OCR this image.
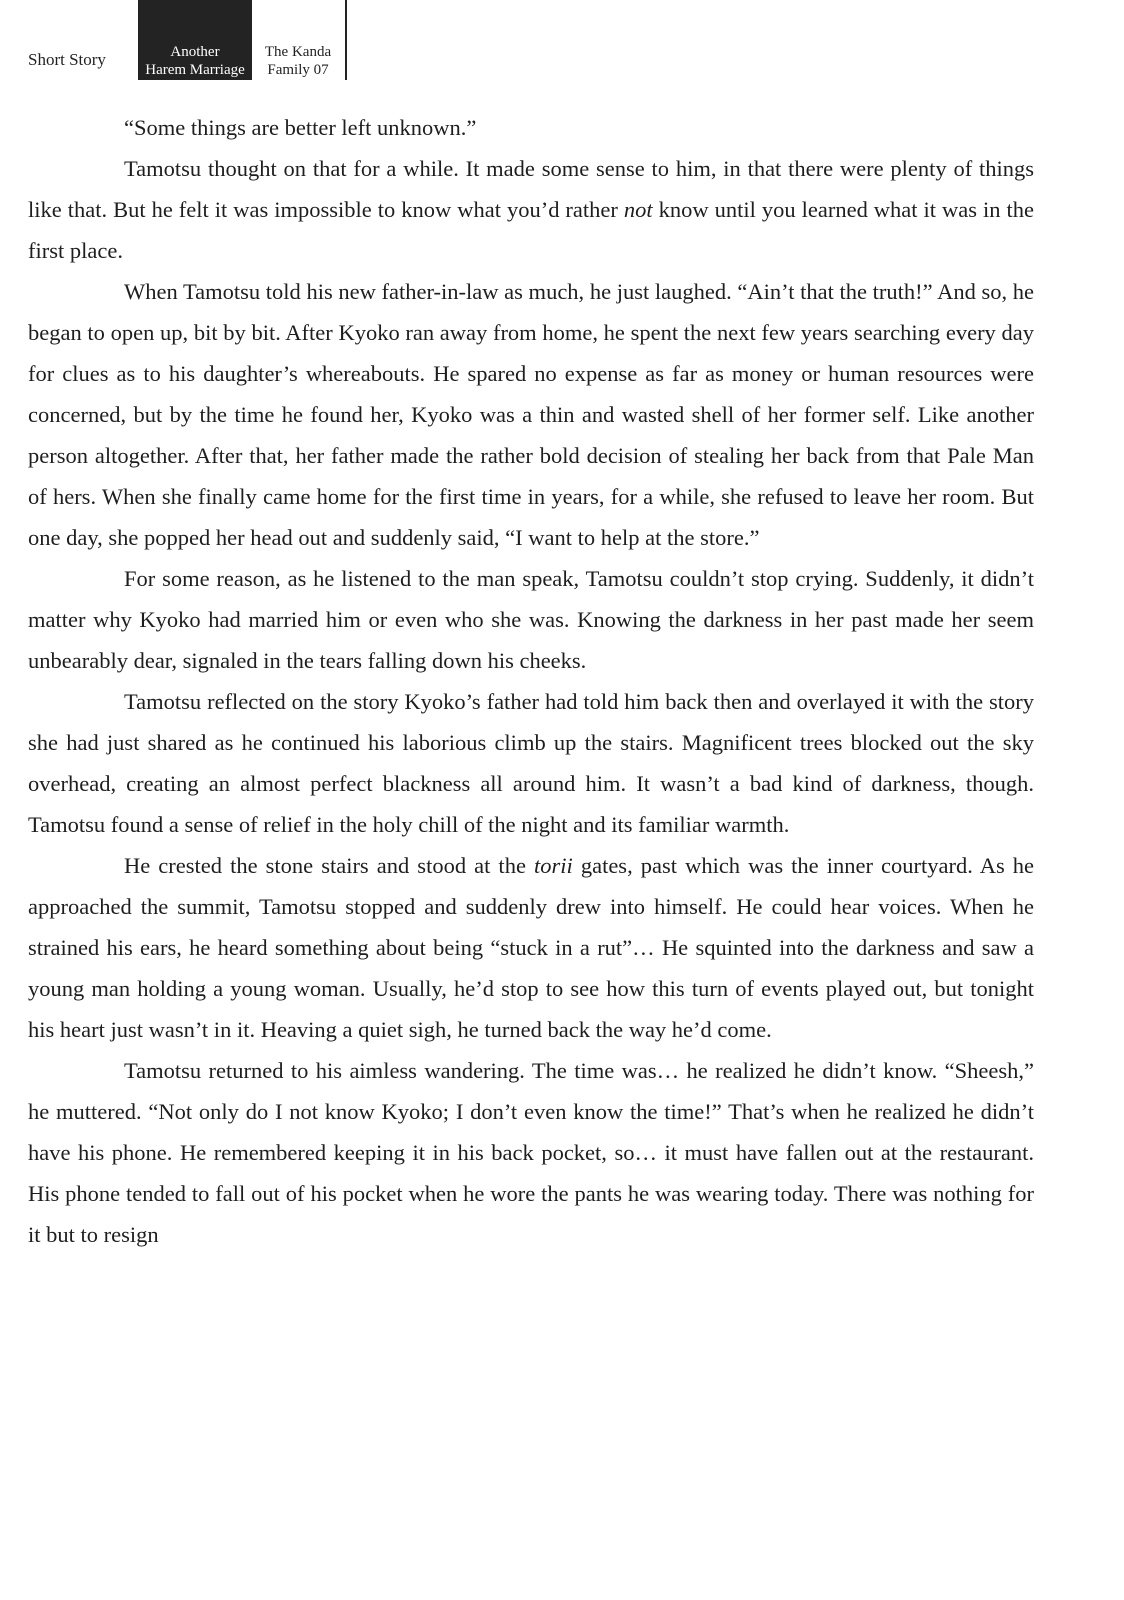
Short Story	Another
Harem Marriage
The Kanda
Family 07

“Some things are better left unknown.”

Tamotsu thought on that for a while. It made some sense to him, in that there were plenty of things like that. But he felt it was impossible to know what you’d rather not know until you learned what it was in the first place.

When Tamotsu told his new father-in-law as much, he just laughed. “Ain’t that the truth!” And so, he began to open up, bit by bit. After Kyoko ran away from home, he spent the next few years searching every day for clues as to his daughter’s whereabouts. He spared no expense as far as money or human resources were concerned, but by the time he found her, Kyoko was a thin and wasted shell of her former self. Like another person altogether. After that, her father made the rather bold decision of stealing her back from that Pale Man of hers. When she finally came home for the first time in years, for a while, she refused to leave her room. But one day, she popped her head out and suddenly said, “I want to help at the store.”

For some reason, as he listened to the man speak, Tamotsu couldn’t stop crying. Suddenly, it didn’t matter why Kyoko had married him or even who she was. Knowing the darkness in her past made her seem unbearably dear, signaled in the tears falling down his cheeks.

Tamotsu reflected on the story Kyoko’s father had told him back then and overlayed it with the story she had just shared as he continued his laborious climb up the stairs. Magnificent trees blocked out the sky overhead, creating an almost perfect blackness all around him. It wasn’t a bad kind of darkness, though. Tamotsu found a sense of relief in the holy chill of the night and its familiar warmth.

He crested the stone stairs and stood at the torii gates, past which was the inner courtyard. As he approached the summit, Tamotsu stopped and suddenly drew into himself. He could hear voices. When he strained his ears, he heard something about being “stuck in a rut”… He squinted into the darkness and saw a young man holding a young woman. Usually, he’d stop to see how this turn of events played out, but tonight his heart just wasn’t in it. Heaving a quiet sigh, he turned back the way he’d come.

Tamotsu returned to his aimless wandering. The time was… he realized he didn’t know. “Sheesh,” he muttered. “Not only do I not know Kyoko; I don’t even know the time!” That’s when he realized he didn’t have his phone. He remembered keeping it in his back pocket, so… it must have fallen out at the restaurant. His phone tended to fall out of his pocket when he wore the pants he was wearing today. There was nothing for it but to resign
